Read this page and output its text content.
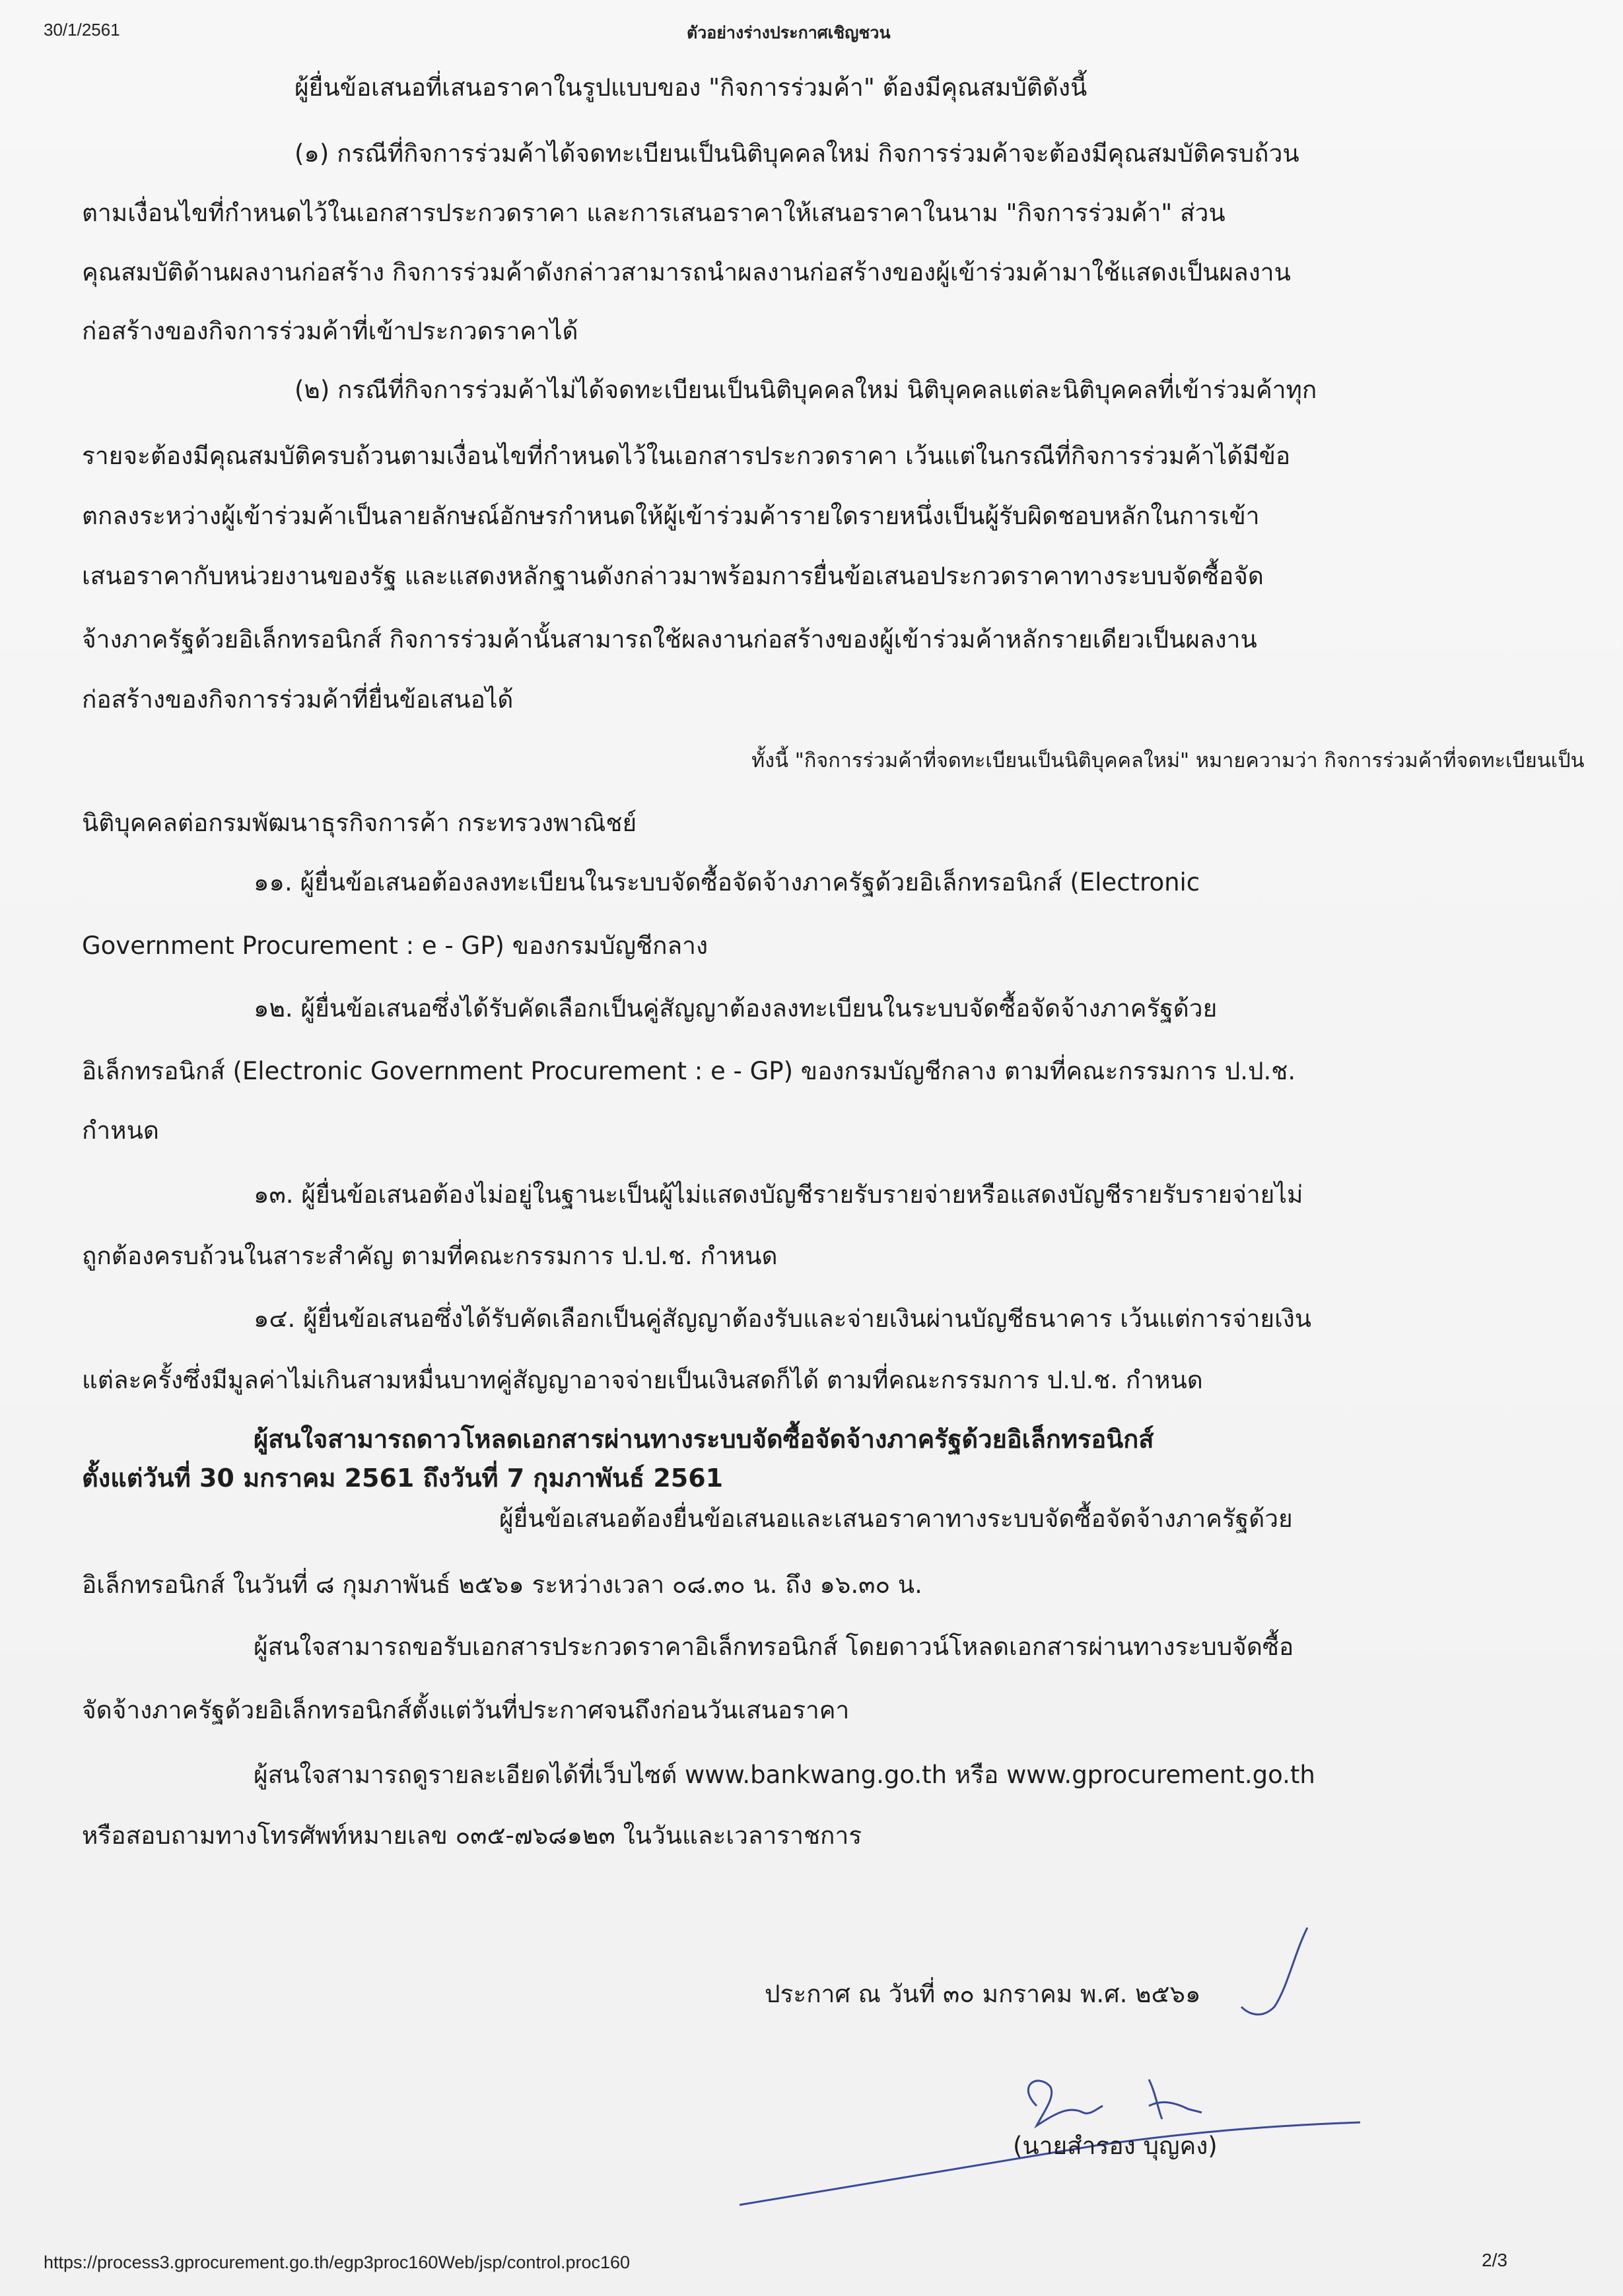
30/1/2561	ตัวอย่างร่างประกาศเชิญชวน
ผู้ยื่นข้อเสนอที่เสนอราคาในรูปแบบของ "กิจการร่วมค้า" ต้องมีคุณสมบัติดังนี้
(๑) กรณีที่กิจการร่วมค้าได้จดทะเบียนเป็นนิติบุคคลใหม่ กิจการร่วมค้าจะต้องมีคุณสมบัติครบถ้วน
ตามเงื่อนไขที่กำหนดไว้ในเอกสารประกวดราคา และการเสนอราคาให้เสนอราคาในนาม "กิจการร่วมค้า" ส่วน
คุณสมบัติด้านผลงานก่อสร้าง กิจการร่วมค้าดังกล่าวสามารถนำผลงานก่อสร้างของผู้เข้าร่วมค้ามาใช้แสดงเป็นผลงาน
ก่อสร้างของกิจการร่วมค้าที่เข้าประกวดราคาได้
(๒) กรณีที่กิจการร่วมค้าไม่ได้จดทะเบียนเป็นนิติบุคคลใหม่ นิติบุคคลแต่ละนิติบุคคลที่เข้าร่วมค้าทุก
รายจะต้องมีคุณสมบัติครบถ้วนตามเงื่อนไขที่กำหนดไว้ในเอกสารประกวดราคา เว้นแต่ในกรณีที่กิจการร่วมค้าได้มีข้อ
ตกลงระหว่างผู้เข้าร่วมค้าเป็นลายลักษณ์อักษรกำหนดให้ผู้เข้าร่วมค้ารายใดรายหนึ่งเป็นผู้รับผิดชอบหลักในการเข้า
เสนอราคากับหน่วยงานของรัฐ และแสดงหลักฐานดังกล่าวมาพร้อมการยื่นข้อเสนอประกวดราคาทางระบบจัดซื้อจัด
จ้างภาครัฐด้วยอิเล็กทรอนิกส์ กิจการร่วมค้านั้นสามารถใช้ผลงานก่อสร้างของผู้เข้าร่วมค้าหลักรายเดียวเป็นผลงาน
ก่อสร้างของกิจการร่วมค้าที่ยื่นข้อเสนอได้
ทั้งนี้ "กิจการร่วมค้าที่จดทะเบียนเป็นนิติบุคคลใหม่" หมายความว่า กิจการร่วมค้าที่จดทะเบียนเป็น
นิติบุคคลต่อกรมพัฒนาธุรกิจการค้า กระทรวงพาณิชย์
๑๑. ผู้ยื่นข้อเสนอต้องลงทะเบียนในระบบจัดซื้อจัดจ้างภาครัฐด้วยอิเล็กทรอนิกส์ (Electronic
Government Procurement : e - GP) ของกรมบัญชีกลาง
๑๒. ผู้ยื่นข้อเสนอซึ่งได้รับคัดเลือกเป็นคู่สัญญาต้องลงทะเบียนในระบบจัดซื้อจัดจ้างภาครัฐด้วย
อิเล็กทรอนิกส์ (Electronic Government Procurement : e - GP) ของกรมบัญชีกลาง ตามที่คณะกรรมการ ป.ป.ช.
กำหนด
๑๓. ผู้ยื่นข้อเสนอต้องไม่อยู่ในฐานะเป็นผู้ไม่แสดงบัญชีรายรับรายจ่ายหรือแสดงบัญชีรายรับรายจ่ายไม่
ถูกต้องครบถ้วนในสาระสำคัญ ตามที่คณะกรรมการ ป.ป.ช. กำหนด
๑๔. ผู้ยื่นข้อเสนอซึ่งได้รับคัดเลือกเป็นคู่สัญญาต้องรับและจ่ายเงินผ่านบัญชีธนาคาร เว้นแต่การจ่ายเงิน
แต่ละครั้งซึ่งมีมูลค่าไม่เกินสามหมื่นบาทคู่สัญญาอาจจ่ายเป็นเงินสดก็ได้ ตามที่คณะกรรมการ ป.ป.ช. กำหนด
ผู้สนใจสามารถดาวโหลดเอกสารผ่านทางระบบจัดซื้อจัดจ้างภาครัฐด้วยอิเล็กทรอนิกส์
ตั้งแต่วันที่ 30 มกราคม 2561 ถึงวันที่ 7 กุมภาพันธ์ 2561
ผู้ยื่นข้อเสนอต้องยื่นข้อเสนอและเสนอราคาทางระบบจัดซื้อจัดจ้างภาครัฐด้วย
อิเล็กทรอนิกส์ ในวันที่ ๘ กุมภาพันธ์ ๒๕๖๑ ระหว่างเวลา ๐๘.๓๐ น. ถึง ๑๖.๓๐ น.
ผู้สนใจสามารถขอรับเอกสารประกวดราคาอิเล็กทรอนิกส์ โดยดาวน์โหลดเอกสารผ่านทางระบบจัดซื้อ
จัดจ้างภาครัฐด้วยอิเล็กทรอนิกส์ตั้งแต่วันที่ประกาศจนถึงก่อนวันเสนอราคา
ผู้สนใจสามารถดูรายละเอียดได้ที่เว็บไซต์ www.bankwang.go.th หรือ www.gprocurement.go.th
หรือสอบถามทางโทรศัพท์หมายเลข ๐๓๕-๗๖๘๑๒๓ ในวันและเวลาราชการ
ประกาศ ณ วันที่ ๓๐ มกราคม พ.ศ. ๒๕๖๑
(นายสำรอง บุญคง)
https://process3.gprocurement.go.th/egp3proc160Web/jsp/control.proc160	2/3
